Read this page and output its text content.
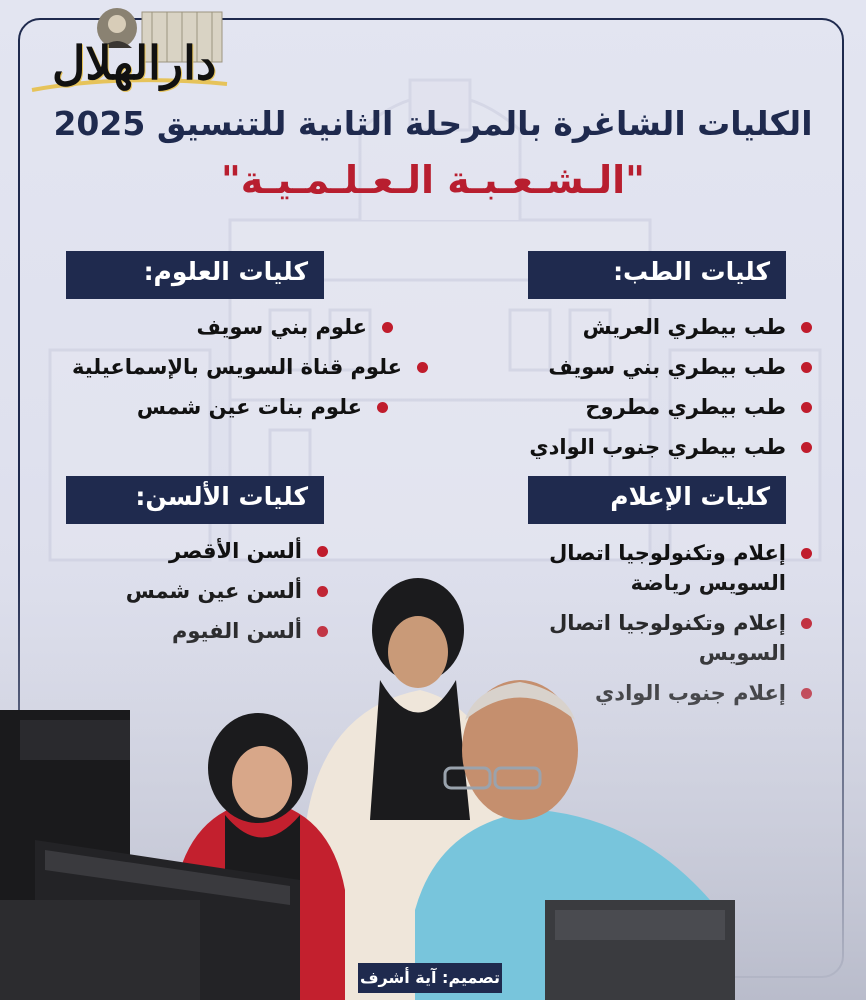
دارالهلال
الكليات الشاغرة بالمرحلة الثانية للتنسيق 2025
"الـشـعـبـة الـعـلـمـيـة"
كليات الطب:
طب بيطري العريش
طب بيطري بني سويف
طب بيطري مطروح
طب بيطري جنوب الوادي
كليات العلوم:
علوم بني سويف
علوم قناة السويس بالإسماعيلية
علوم بنات عين شمس
كليات الإعلام
إعلام وتكنولوجيا اتصال
كليات الألسن:
ألسن الأقصر
تصميم: آية أشرف
